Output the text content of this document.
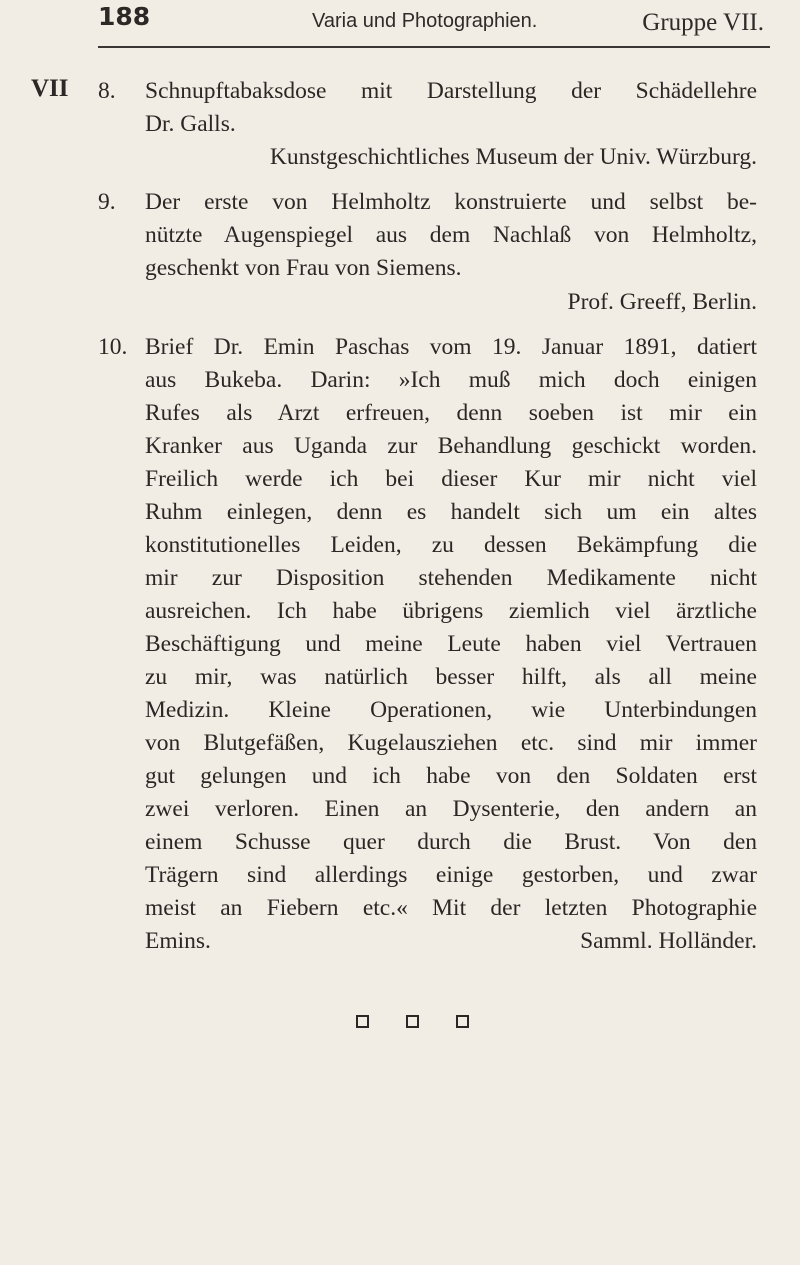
188	Varia und Photographien.	Gruppe VII.
VII 8.	Schnupftabaksdose mit Darstellung der Schädellehre
Dr. Galls.
Kunstgeschichtliches Museum der Univ. Würzburg.
9.	Der erste von Helmholtz konstruierte und selbst be-
nützte Augenspiegel aus dem Nachlaß von Helmholtz,
geschenkt von Frau von Siemens.
Prof. Greeff, Berlin.
10. Brief Dr. Emin Paschas vom 19. Januar 1891, datiert
aus Bukeba. Darin: »Ich muß mich doch einigen
Rufes als Arzt erfreuen, denn soeben ist mir ein
Kranker aus Uganda zur Behandlung geschickt worden.
Freilich werde ich bei dieser Kur mir nicht viel
Ruhm einlegen, denn es handelt sich um ein altes
konstitutionelles Leiden, zu dessen Bekämpfung die
mir zur Disposition stehenden Medikamente nicht
ausreichen. Ich habe übrigens ziemlich viel ärztliche
Beschäftigung und meine Leute haben viel Vertrauen
zu mir, was natürlich besser hilft, als all meine
Medizin. Kleine Operationen, wie Unterbindungen
von Blutgefäßen, Kugelausziehen etc. sind mir immer
gut gelungen und ich habe von den Soldaten erst
zwei verloren. Einen an Dysenterie, den andern an
einem Schusse quer durch die Brust. Von den
Trägern sind allerdings einige gestorben, und zwar
meist an Fiebern etc.« Mit der letzten Photographie
Emins.	Samml. Holländer.
